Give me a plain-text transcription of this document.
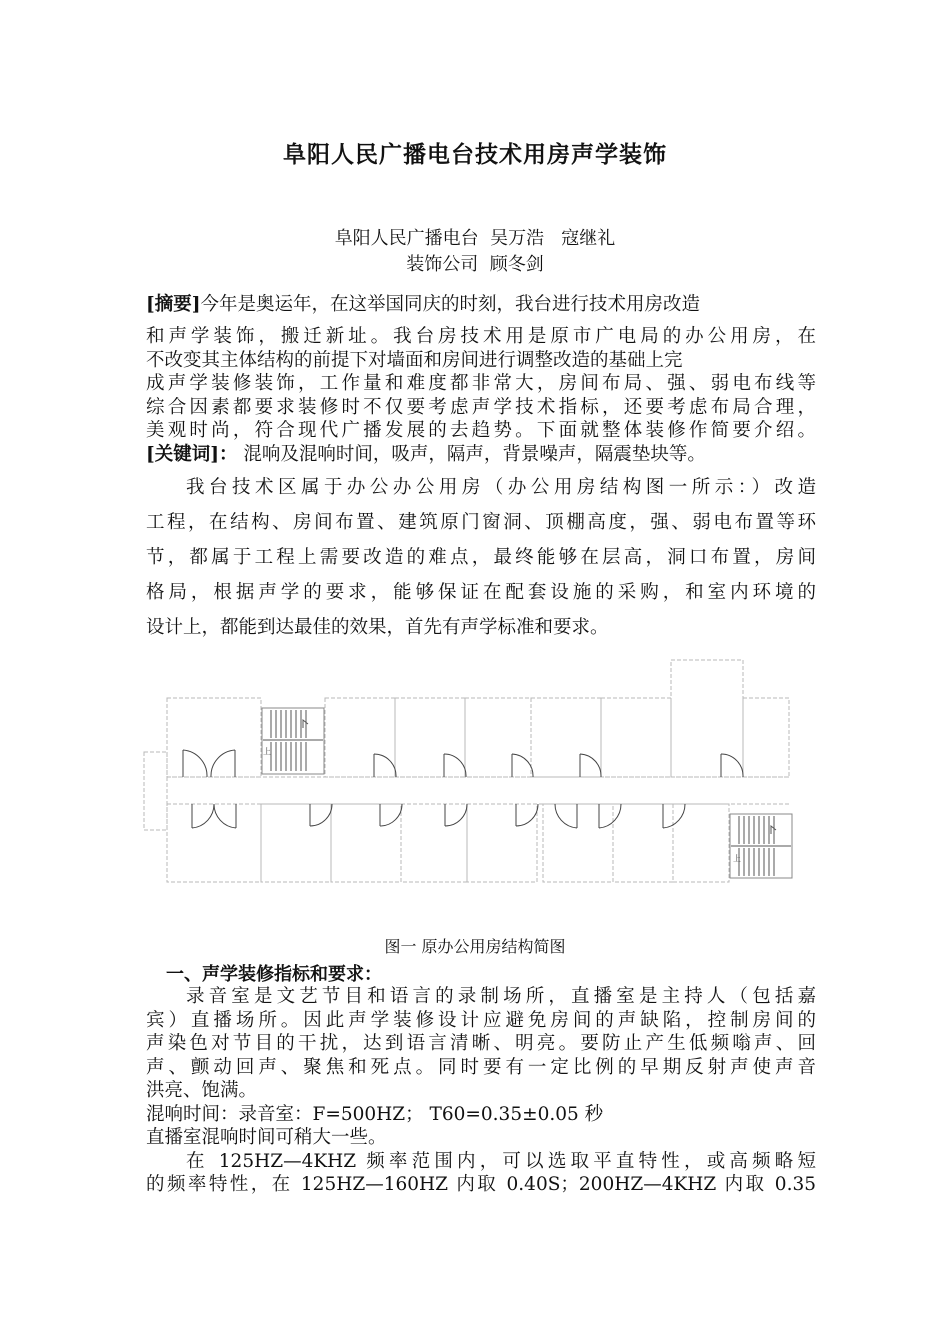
阜阳人民广播电台技术用房声学装饰
阜阳人民广播电台  吴万浩   寇继礼
装饰公司  顾冬剑
[摘要]今年是奥运年，在这举国同庆的时刻，我台进行技术用房改造
和声学装饰，搬迁新址。我台房技术用是原市广电局的办公用房，在
不改变其主体结构的前提下对墙面和房间进行调整改造的基础上完
成声学装修装饰，工作量和难度都非常大，房间布局、强、弱电布线等
综合因素都要求装修时不仅要考虑声学技术指标，还要考虑布局合理，
美观时尚，符合现代广播发展的去趋势。下面就整体装修作简要介绍。
[关键词]： 混响及混响时间，吸声，隔声，背景噪声，隔震垫块等。
我台技术区属于办公办公用房（办公用房结构图一所示：）改造
工程，在结构、房间布置、建筑原门窗洞、顶棚高度，强、弱电布置等环
节，都属于工程上需要改造的难点，最终能够在层高，洞口布置，房间
格局，根据声学的要求，能够保证在配套设施的采购，和室内环境的
设计上，都能到达最佳的效果，首先有声学标准和要求。
上
上
图一 原办公用房结构简图
一、声学装修指标和要求：
录音室是文艺节目和语言的录制场所，直播室是主持人（包括嘉
宾）直播场所。因此声学装修设计应避免房间的声缺陷，控制房间的
声染色对节目的干扰，达到语言清晰、明亮。要防止产生低频嗡声、回
声、颤动回声、聚焦和死点。同时要有一定比例的早期反射声使声音
洪亮、饱满。
混响时间：录音室：F=500HZ； T60=0.35±0.05 秒
直播室混响时间可稍大一些。
在 125HZ—4KHZ 频率范围内，可以选取平直特性，或高频略短
的频率特性，在 125HZ—160HZ 内取 0.40S；200HZ—4KHZ 内取 0.35
